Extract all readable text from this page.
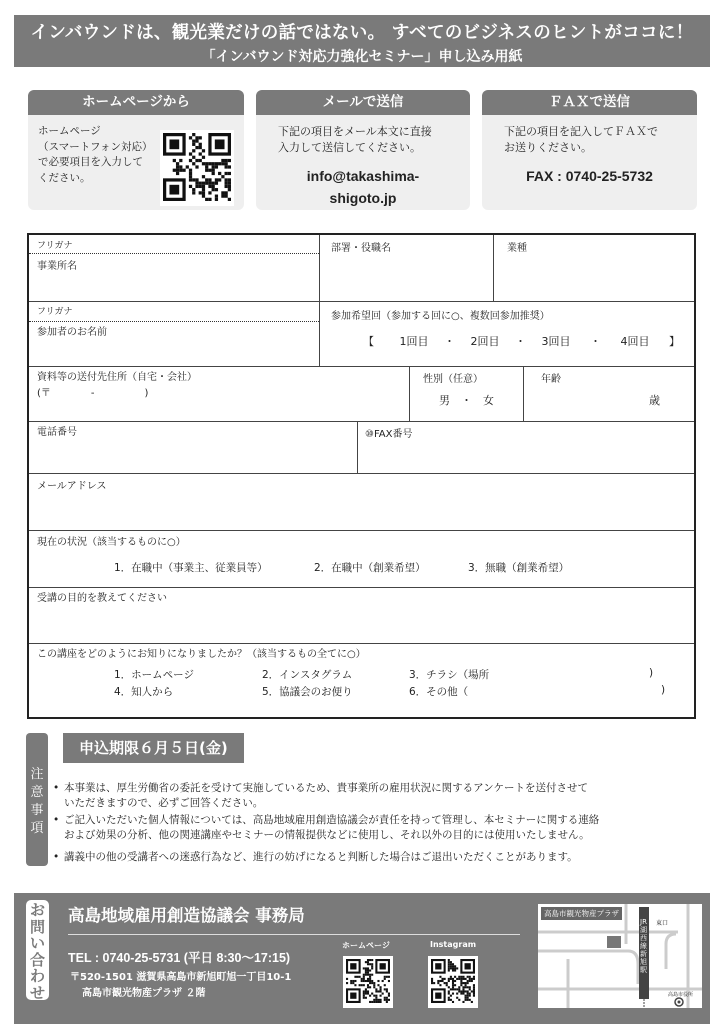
インバウンドは、観光業だけの話ではない。 すべてのビジネスのヒントがココに！
「インバウンド対応力強化セミナー」申し込み用紙
ホームページから
ホームページ
（スマートフォン対応）
で必要項目を入力して
ください。
メールで送信
下記の項目をメール本文に直接
入力して送信してください。
info@takashima-
shigoto.jp
ＦＡＸで送信
下記の項目を記入してＦＡＸで
お送りください。
FAX : 0740-25-5732
フリガナ
事業所名
部署・役職名	業種
フリガナ
参加者のお名前
参加希望回（参加する回に○、複数回参加推奨）
【 1回目 ・ 2回目 ・ 3回目 ・ 4回目 】
資料等の送付先住所（自宅・会社）
(〒　　　　-　　　　　)
性別（任意）
男　・　女
年齢
歳
電話番号	⑩FAX番号
メールアドレス
現在の状況（該当するものに○）
1．在職中（事業主、従業員等）	2．在職中（創業希望）	3．無職（創業希望）
受講の目的を教えてください
この講座をどのようにお知りになりましたか？（該当するもの全てに○）
1．ホームページ	2．インスタグラム	3．チラシ（場所	)
4．知人から	5．協議会のお便り	6．その他（	)
注
意
事
項
申込期限６月５日(金)
• 本事業は、厚生労働省の委託を受けて実施しているため、貴事業所の雇用状況に関するアンケートを送付させて
いただきますので、必ずご回答ください。
• ご記入いただいた個人情報については、高島地域雇用創造協議会が責任を持って管理し、本セミナーに関する連絡
および効果の分析、他の関連講座やセミナーの情報提供などに使用し、それ以外の目的には使用いたしません。
• 講義中の他の受講者への迷惑行為など、進行の妨げになると判断した場合はご退出いただくことがあります。
お
問
い
合
わ
せ
高島地域雇用創造協議会 事務局
TEL : 0740-25-5731 (平日 8:30〜17:15)
〒520-1501 滋賀県高島市新旭町旭一丁目10-1
高島市観光物産プラザ ２階
ホームページ	Instagram
高島市観光物産プラザ
JR湖西線 新旭駅
東口
高島市役所
